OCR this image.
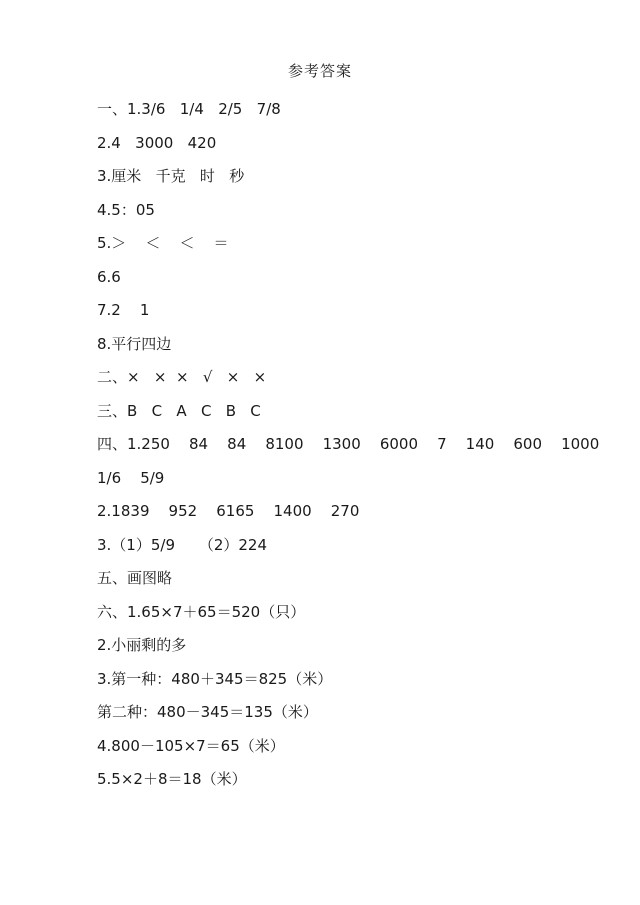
参考答案
一、1.3/6   1/4   2/5   7/8
2.4   3000   420
3.厘米   千克   时   秒
4.5：05
5.＞    ＜    ＜    ＝
6.6
7.2    1
8.平行四边
二、×   ×  ×   √   ×   ×
三、B   C   A   C   B   C
四、1.250    84    84    8100    1300    6000    7    140    600    1000
1/6    5/9
2.1839    952    6165    1400    270
3.（1）5/9     （2）224
五、画图略
六、1.65×7＋65＝520（只）
2.小丽剩的多
3.第一种：480＋345＝825（米）
第二种：480－345＝135（米）
4.800－105×7＝65（米）
5.5×2＋8＝18（米）
